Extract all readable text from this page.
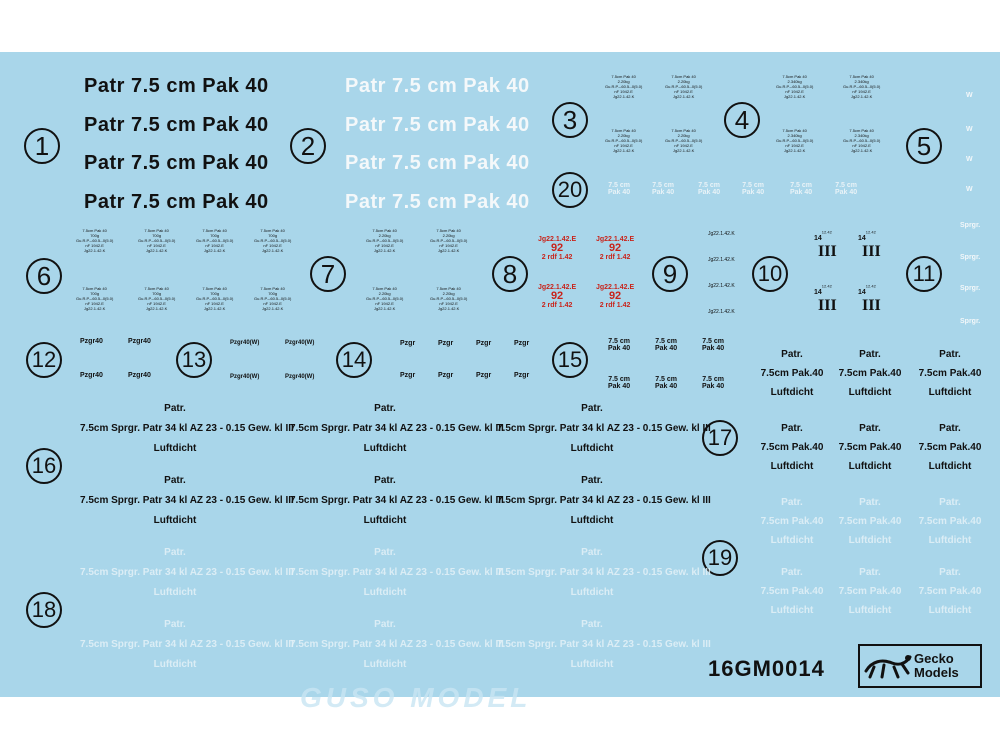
GUSO MODEL
1	2
3	4
5
6	7	8	9	10	11
12	13	14	15
16
17
18
19
20
Patr 7.5 cm Pak 40
Patr 7.5 cm Pak 40
Patr 7.5 cm Pak 40
Patr 7.5 cm Pak 40
Patr 7.5 cm Pak 40
Patr 7.5 cm Pak 40
Patr 7.5 cm Pak 40
Patr 7.5 cm Pak 40
7.5cm Pak 40
2.20kg
Gu.R.P.--60.5--0(5.0)
nF 1942.E
Jg22.1.42.K
7.5cm Pak 40
2.20kg
Gu.R.P.--60.5--0(5.0)
nF 1942.E
Jg22.1.42.K
7.5cm Pak 40
2.20kg
Gu.R.P.--60.5--0(5.0)
nF 1942.E
Jg22.1.42.K
7.5cm Pak 40
2.20kg
Gu.R.P.--60.5--0(5.0)
nF 1942.E
Jg22.1.42.K
7.5cm Pak 40
2.340kg
Gu.R.P.--60.5--0(5.0)
nF 1942.E
Jg22.1.42.K
7.5cm Pak 40
2.340kg
Gu.R.P.--60.5--0(5.0)
nF 1942.E
Jg22.1.42.K
7.5cm Pak 40
2.340kg
Gu.R.P.--60.5--0(5.0)
nF 1942.E
Jg22.1.42.K
7.5cm Pak 40
2.340kg
Gu.R.P.--60.5--0(5.0)
nF 1942.E
Jg22.1.42.K
W
W
W
W
7.5 cm
Pak 40
7.5 cm
Pak 40
7.5 cm
Pak 40
7.5 cm
Pak 40
7.5 cm
Pak 40
7.5 cm
Pak 40
7.5cm Pak 40
700g
Gu.R.P.--60.5--0(5.0)
nF 1942.E
Jg22.1.42.K
7.5cm Pak 40
700g
Gu.R.P.--60.5--0(5.0)
nF 1942.E
Jg22.1.42.K
7.5cm Pak 40
700g
Gu.R.P.--60.5--0(5.0)
nF 1942.E
Jg22.1.42.K
7.5cm Pak 40
700g
Gu.R.P.--60.5--0(5.0)
nF 1942.E
Jg22.1.42.K
7.5cm Pak 40
700g
Gu.R.P.--60.5--0(5.0)
nF 1942.E
Jg22.1.42.K
7.5cm Pak 40
700g
Gu.R.P.--60.5--0(5.0)
nF 1942.E
Jg22.1.42.K
7.5cm Pak 40
700g
Gu.R.P.--60.5--0(5.0)
nF 1942.E
Jg22.1.42.K
7.5cm Pak 40
700g
Gu.R.P.--60.5--0(5.0)
nF 1942.E
Jg22.1.42.K
7.5cm Pak 40
2.20kg
Gu.R.P.--60.5--0(5.0)
nF 1942.E
Jg22.1.42.K
7.5cm Pak 40
2.20kg
Gu.R.P.--60.5--0(5.0)
nF 1942.E
Jg22.1.42.K
7.5cm Pak 40
2.20kg
Gu.R.P.--60.5--0(5.0)
nF 1942.E
Jg22.1.42.K
7.5cm Pak 40
2.20kg
Gu.R.P.--60.5--0(5.0)
nF 1942.E
Jg22.1.42.K
Jg22.1.42.E
92
2 rdf 1.42
Jg22.1.42.E
92
2 rdf 1.42
Jg22.1.42.E
92
2 rdf 1.42
Jg22.1.42.E
92
2 rdf 1.42
Jg22.1.42.K
Jg22.1.42.K
Jg22.1.42.K
Jg22.1.42.K
$14^{12.42}$
III
$14^{12.42}$
III
$14^{12.42}$
III
$14^{12.42}$
III
Sprgr.
Sprgr.
Sprgr.
Sprgr.
Pzgr40	Pzgr40
Pzgr40	Pzgr40
Pzgr40(W)	Pzgr40(W)
Pzgr40(W)	Pzgr40(W)
Pzgr	Pzgr	Pzgr	Pzgr
Pzgr	Pzgr	Pzgr	Pzgr
7.5 cm
Pak 40
7.5 cm
Pak 40
7.5 cm
Pak 40
7.5 cm
Pak 40
7.5 cm
Pak 40
7.5 cm
Pak 40
Patr.
7.5cm Pak.40
Luftdicht
Patr.
7.5cm Pak.40
Luftdicht
Patr.
7.5cm Pak.40
Luftdicht
Patr.
7.5cm Pak.40
Luftdicht
Patr.
7.5cm Pak.40
Luftdicht
Patr.
7.5cm Pak.40
Luftdicht
Patr.
7.5cm Pak.40
Luftdicht
Patr.
7.5cm Pak.40
Luftdicht
Patr.
7.5cm Pak.40
Luftdicht
Patr.
7.5cm Pak.40
Luftdicht
Patr.
7.5cm Pak.40
Luftdicht
Patr.
7.5cm Pak.40
Luftdicht
Patr.
7.5cm Sprgr. Patr 34 kl AZ 23 - 0.15 Gew. kl III
Luftdicht
Patr.
7.5cm Sprgr. Patr 34 kl AZ 23 - 0.15 Gew. kl III
Luftdicht
Patr.
7.5cm Sprgr. Patr 34 kl AZ 23 - 0.15 Gew. kl III
Luftdicht
Patr.
7.5cm Sprgr. Patr 34 kl AZ 23 - 0.15 Gew. kl III
Luftdicht
Patr.
7.5cm Sprgr. Patr 34 kl AZ 23 - 0.15 Gew. kl III
Luftdicht
Patr.
7.5cm Sprgr. Patr 34 kl AZ 23 - 0.15 Gew. kl III
Luftdicht
Patr.
7.5cm Sprgr. Patr 34 kl AZ 23 - 0.15 Gew. kl III
Luftdicht
Patr.
7.5cm Sprgr. Patr 34 kl AZ 23 - 0.15 Gew. kl III
Luftdicht
Patr.
7.5cm Sprgr. Patr 34 kl AZ 23 - 0.15 Gew. kl III
Luftdicht
Patr.
7.5cm Sprgr. Patr 34 kl AZ 23 - 0.15 Gew. kl III
Luftdicht
Patr.
7.5cm Sprgr. Patr 34 kl AZ 23 - 0.15 Gew. kl III
Luftdicht
Patr.
7.5cm Sprgr. Patr 34 kl AZ 23 - 0.15 Gew. kl III
Luftdicht	16GM0014	Gecko
Models
